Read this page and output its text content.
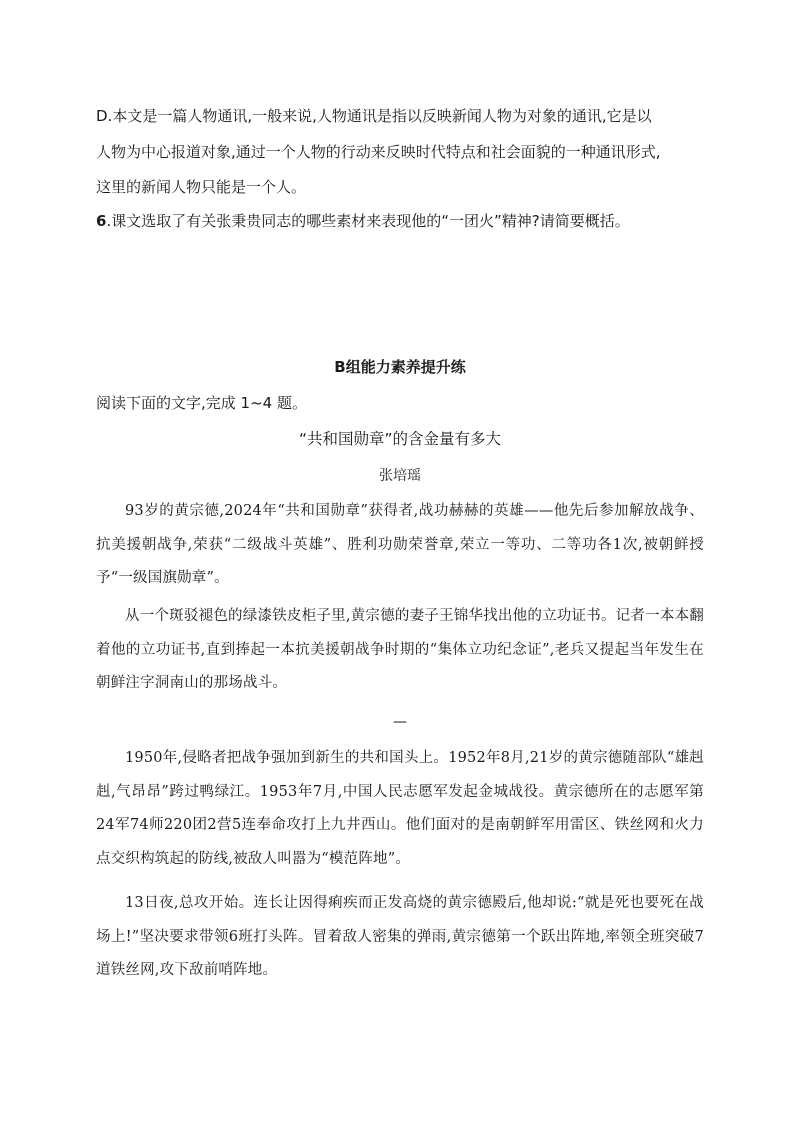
D.本文是一篇人物通讯,一般来说,人物通讯是指以反映新闻人物为对象的通讯,它是以
人物为中心报道对象,通过一个人物的行动来反映时代特点和社会面貌的一种通讯形式,
这里的新闻人物只能是一个人。
6.课文选取了有关张秉贵同志的哪些素材来表现他的“一团火”精神?请简要概括。
B组能力素养提升练
阅读下面的文字,完成 1~4 题。
“共和国勋章”的含金量有多大
张培瑶

93岁的黄宗德,2024年“共和国勋章”获得者,战功赫赫的英雄——他先后参加解放战争、抗美援朝战争,荣获“二级战斗英雄”、胜利功勋荣誉章,荣立一等功、二等功各1次,被朝鲜授予“一级国旗勋章”。

从一个斑驳褪色的绿漆铁皮柜子里,黄宗德的妻子王锦华找出他的立功证书。记者一本本翻着他的立功证书,直到捧起一本抗美援朝战争时期的“集体立功纪念证”,老兵又提起当年发生在朝鲜注字洞南山的那场战斗。

—

1950年,侵略者把战争强加到新生的共和国头上。1952年8月,21岁的黄宗德随部队“雄赳赳,气昂昂”跨过鸭绿江。1953年7月,中国人民志愿军发起金城战役。黄宗德所在的志愿军第24军74师220团2营5连奉命攻打上九井西山。他们面对的是南朝鲜军用雷区、铁丝网和火力点交织构筑起的防线,被敌人叫嚣为“模范阵地”。

13日夜,总攻开始。连长让因得痢疾而正发高烧的黄宗德殿后,他却说:“就是死也要死在战场上!”坚决要求带领6班打头阵。冒着敌人密集的弹雨,黄宗德第一个跃出阵地,率领全班突破7道铁丝网,攻下敌前哨阵地。
